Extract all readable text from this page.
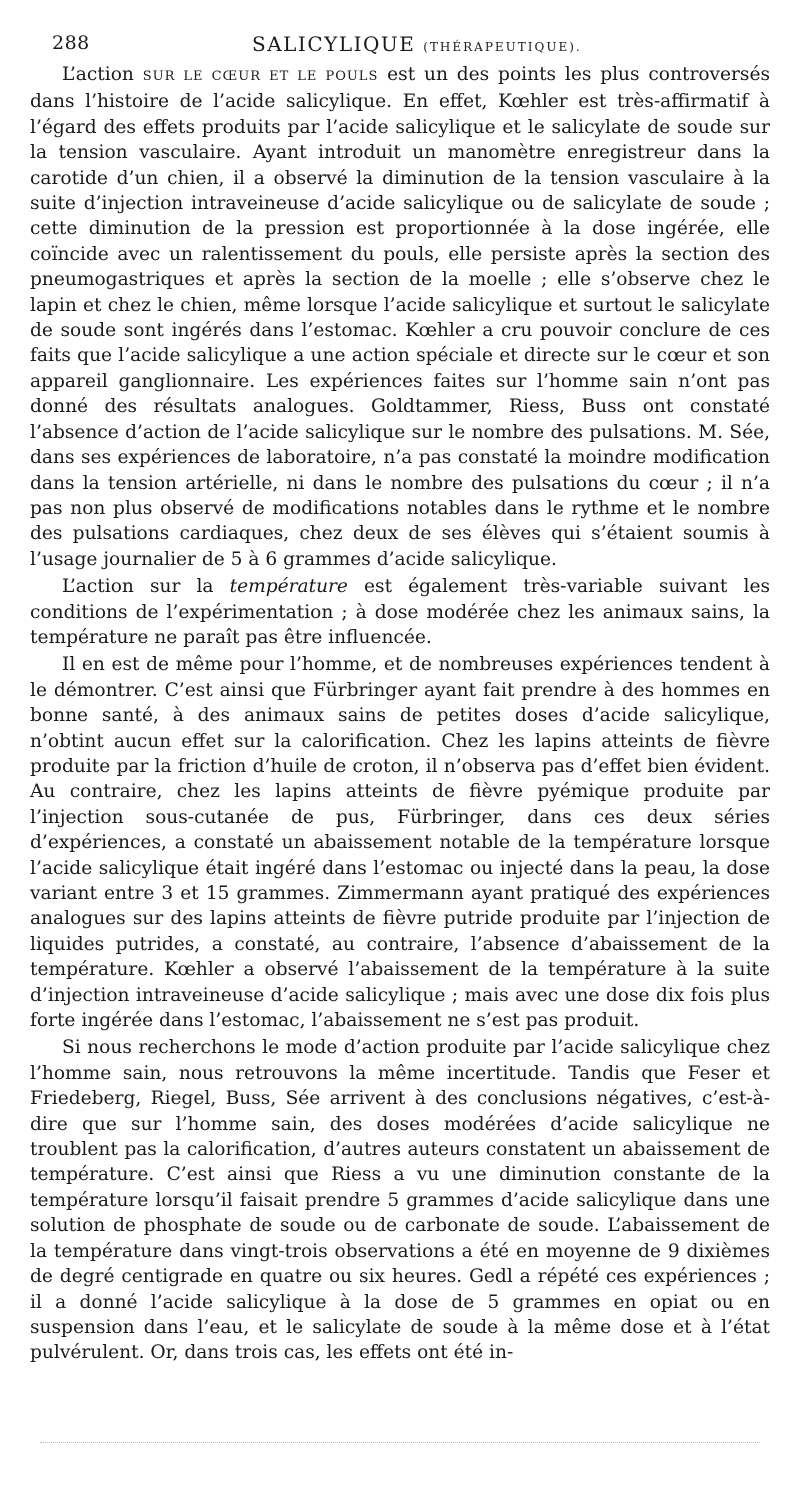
288	SALICYLIQUE (THÉRAPEUTIQUE).

L’action SUR LE CŒUR ET LE POULS est un des points les plus controversés dans l’histoire de l’acide salicylique. En effet, Kœhler est très-affirmatif à l’égard des effets produits par l’acide salicylique et le salicylate de soude sur la tension vasculaire. Ayant introduit un manomètre enregistreur dans la carotide d’un chien, il a observé la diminution de la tension vasculaire à la suite d’injection intraveineuse d’acide salicylique ou de salicylate de soude ; cette diminution de la pression est proportionnée à la dose ingérée, elle coïncide avec un ralentissement du pouls, elle persiste après la section des pneumogastriques et après la section de la moelle ; elle s’observe chez le lapin et chez le chien, même lorsque l’acide salicylique et surtout le salicylate de soude sont ingérés dans l’estomac. Kœhler a cru pouvoir conclure de ces faits que l’acide salicylique a une action spéciale et directe sur le cœur et son appareil ganglionnaire. Les expériences faites sur l’homme sain n’ont pas donné des résultats analogues. Goldtammer, Riess, Buss ont constaté l’absence d’action de l’acide salicylique sur le nombre des pulsations. M. Sée, dans ses expériences de laboratoire, n’a pas constaté la moindre modification dans la tension artérielle, ni dans le nombre des pulsations du cœur ; il n’a pas non plus observé de modifications notables dans le rythme et le nombre des pulsations cardiaques, chez deux de ses élèves qui s’étaient soumis à l’usage journalier de 5 à 6 grammes d’acide salicylique.

L’action sur la température est également très-variable suivant les conditions de l’expérimentation ; à dose modérée chez les animaux sains, la température ne paraît pas être influencée.

Il en est de même pour l’homme, et de nombreuses expériences tendent à le démontrer. C’est ainsi que Fürbringer ayant fait prendre à des hommes en bonne santé, à des animaux sains de petites doses d’acide salicylique, n’obtint aucun effet sur la calorification. Chez les lapins atteints de fièvre produite par la friction d’huile de croton, il n’observa pas d’effet bien évident. Au contraire, chez les lapins atteints de fièvre pyémique produite par l’injection sous-cutanée de pus, Fürbringer, dans ces deux séries d’expériences, a constaté un abaissement notable de la température lorsque l’acide salicylique était ingéré dans l’estomac ou injecté dans la peau, la dose variant entre 3 et 15 grammes. Zimmermann ayant pratiqué des expériences analogues sur des lapins atteints de fièvre putride produite par l’injection de liquides putrides, a constaté, au contraire, l’absence d’abaissement de la température. Kœhler a observé l’abaissement de la température à la suite d’injection intraveineuse d’acide salicylique ; mais avec une dose dix fois plus forte ingérée dans l’estomac, l’abaissement ne s’est pas produit.

Si nous recherchons le mode d’action produite par l’acide salicylique chez l’homme sain, nous retrouvons la même incertitude. Tandis que Feser et Friedeberg, Riegel, Buss, Sée arrivent à des conclusions négatives, c’est-à-dire que sur l’homme sain, des doses modérées d’acide salicylique ne troublent pas la calorification, d’autres auteurs constatent un abaissement de température. C’est ainsi que Riess a vu une diminution constante de la température lorsqu’il faisait prendre 5 grammes d’acide salicylique dans une solution de phosphate de soude ou de carbonate de soude. L’abaissement de la température dans vingt-trois observations a été en moyenne de 9 dixièmes de degré centigrade en quatre ou six heures. Gedl a répété ces expériences ; il a donné l’acide salicylique à la dose de 5 grammes en opiat ou en suspension dans l’eau, et le salicylate de soude à la même dose et à l’état pulvérulent. Or, dans trois cas, les effets ont été in-
